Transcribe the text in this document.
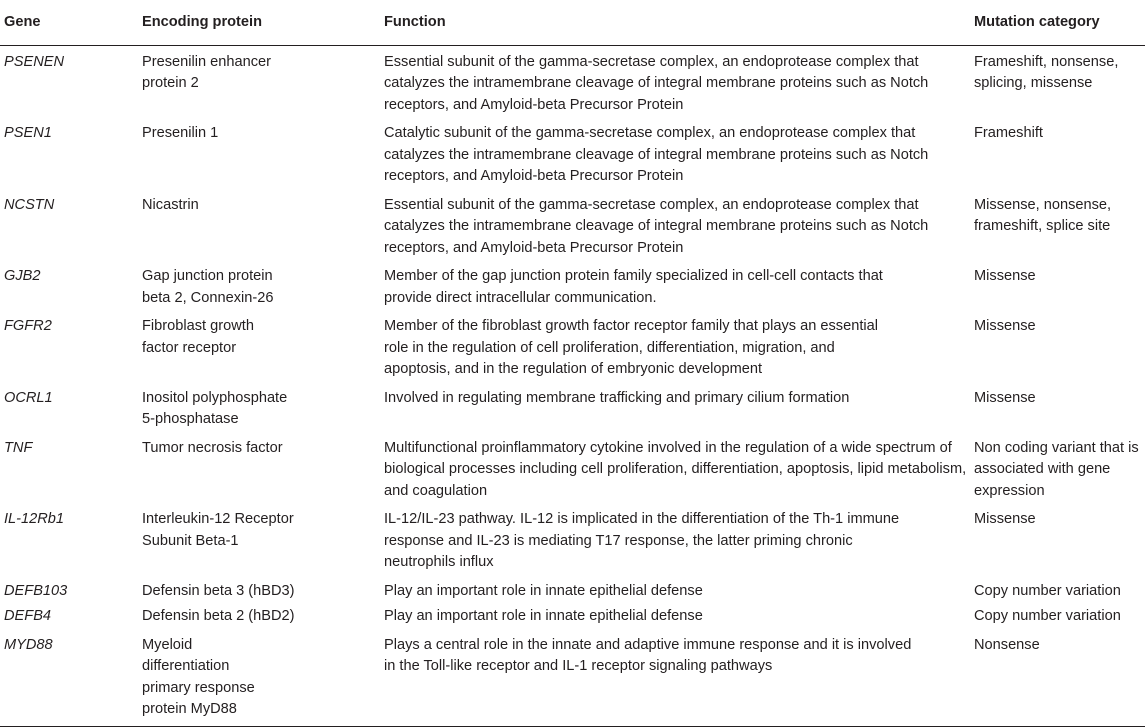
Gene	Encoding protein	Function	Mutation category
PSENEN	Presenilin enhancer protein 2	Essential subunit of the gamma-secretase complex, an endoprotease complex that catalyzes the intramembrane cleavage of integral membrane proteins such as Notch receptors, and Amyloid-beta Precursor Protein	Frameshift, nonsense, splicing, missense
PSEN1	Presenilin 1	Catalytic subunit of the gamma-secretase complex, an endoprotease complex that catalyzes the intramembrane cleavage of integral membrane proteins such as Notch receptors, and Amyloid-beta Precursor Protein	Frameshift
NCSTN	Nicastrin	Essential subunit of the gamma-secretase complex, an endoprotease complex that catalyzes the intramembrane cleavage of integral membrane proteins such as Notch receptors, and Amyloid-beta Precursor Protein	Missense, nonsense, frameshift, splice site
GJB2	Gap junction protein beta 2, Connexin-26	Member of the gap junction protein family specialized in cell-cell contacts that provide direct intracellular communication.	Missense
FGFR2	Fibroblast growth factor receptor	Member of the fibroblast growth factor receptor family that plays an essential role in the regulation of cell proliferation, differentiation, migration, and apoptosis, and in the regulation of embryonic development	Missense
OCRL1	Inositol polyphosphate 5-phosphatase	Involved in regulating membrane trafficking and primary cilium formation	Missense
TNF	Tumor necrosis factor	Multifunctional proinflammatory cytokine involved in the regulation of a wide spectrum of biological processes including cell proliferation, differentiation, apoptosis, lipid metabolism, and coagulation	Non coding variant that is associated with gene expression
IL-12Rb1	Interleukin-12 Receptor Subunit Beta-1	IL-12/IL-23 pathway. IL-12 is implicated in the differentiation of the Th-1 immune response and IL-23 is mediating T17 response, the latter priming chronic neutrophils influx	Missense
DEFB103	Defensin beta 3 (hBD3)	Play an important role in innate epithelial defense	Copy number variation
DEFB4	Defensin beta 2 (hBD2)	Play an important role in innate epithelial defense	Copy number variation
MYD88	Myeloid differentiation primary response protein MyD88	Plays a central role in the innate and adaptive immune response and it is involved in the Toll-like receptor and IL-1 receptor signaling pathways	Nonsense
